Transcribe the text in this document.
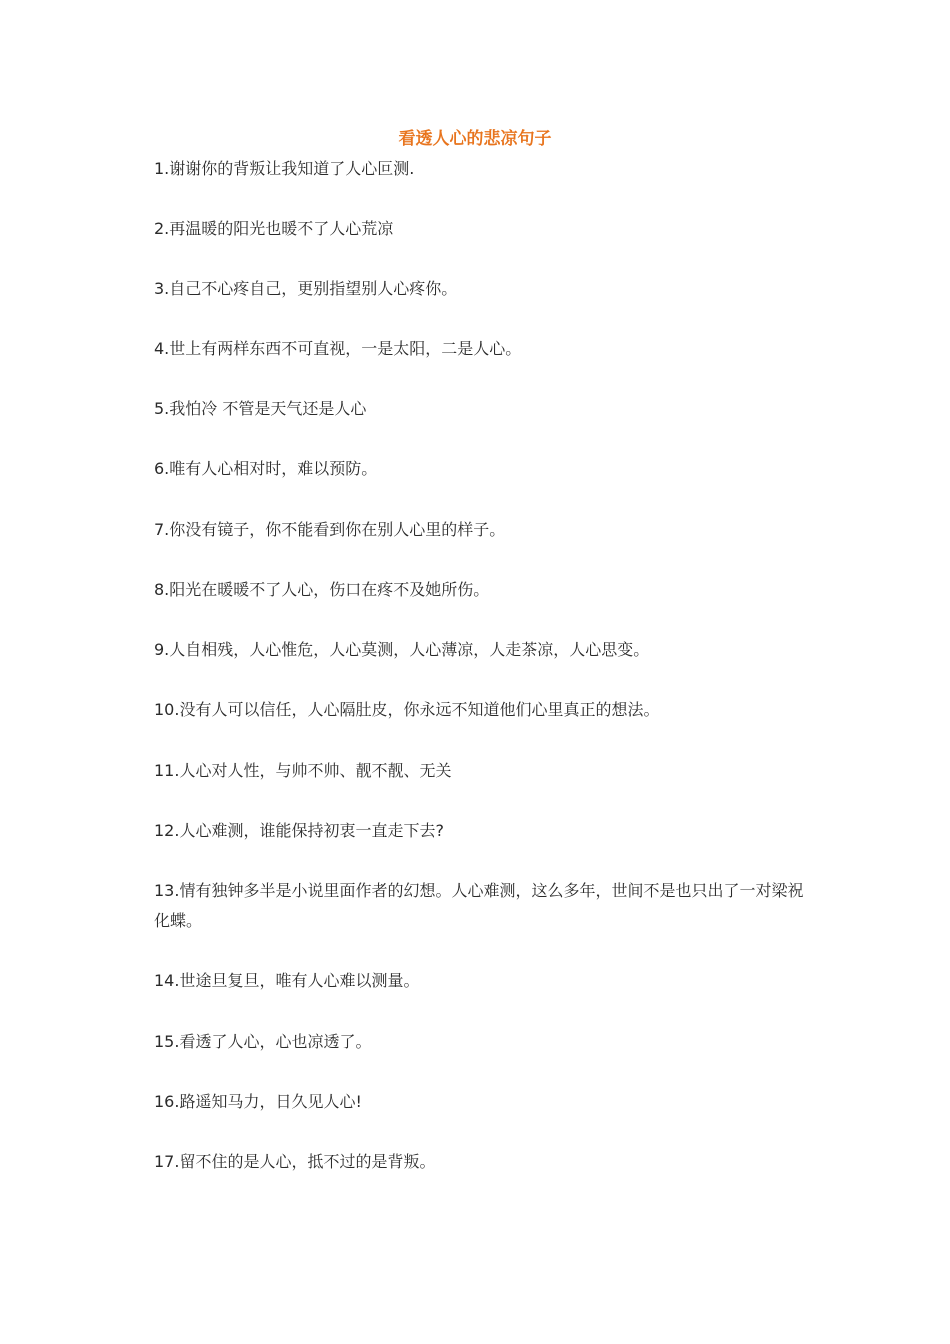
看透人心的悲凉句子

1.谢谢你的背叛让我知道了人心叵测.

2.再温暖的阳光也暖不了人心荒凉

3.自己不心疼自己，更别指望别人心疼你。

4.世上有两样东西不可直视，一是太阳，二是人心。

5.我怕冷 不管是天气还是人心

6.唯有人心相对时，难以预防。

7.你没有镜子，你不能看到你在别人心里的样子。

8.阳光在暖暖不了人心，伤口在疼不及她所伤。

9.人自相残，人心惟危，人心莫测，人心薄凉，人走茶凉，人心思变。

10.没有人可以信任，人心隔肚皮，你永远不知道他们心里真正的想法。

11.人心对人性，与帅不帅、靓不靓、无关

12.人心难测，谁能保持初衷一直走下去?

13.情有独钟多半是小说里面作者的幻想。人心难测，这么多年，世间不是也只出了一对梁祝化蝶。

14.世途旦复旦，唯有人心难以测量。

15.看透了人心，心也凉透了。

16.路遥知马力，日久见人心!

17.留不住的是人心，抵不过的是背叛。
